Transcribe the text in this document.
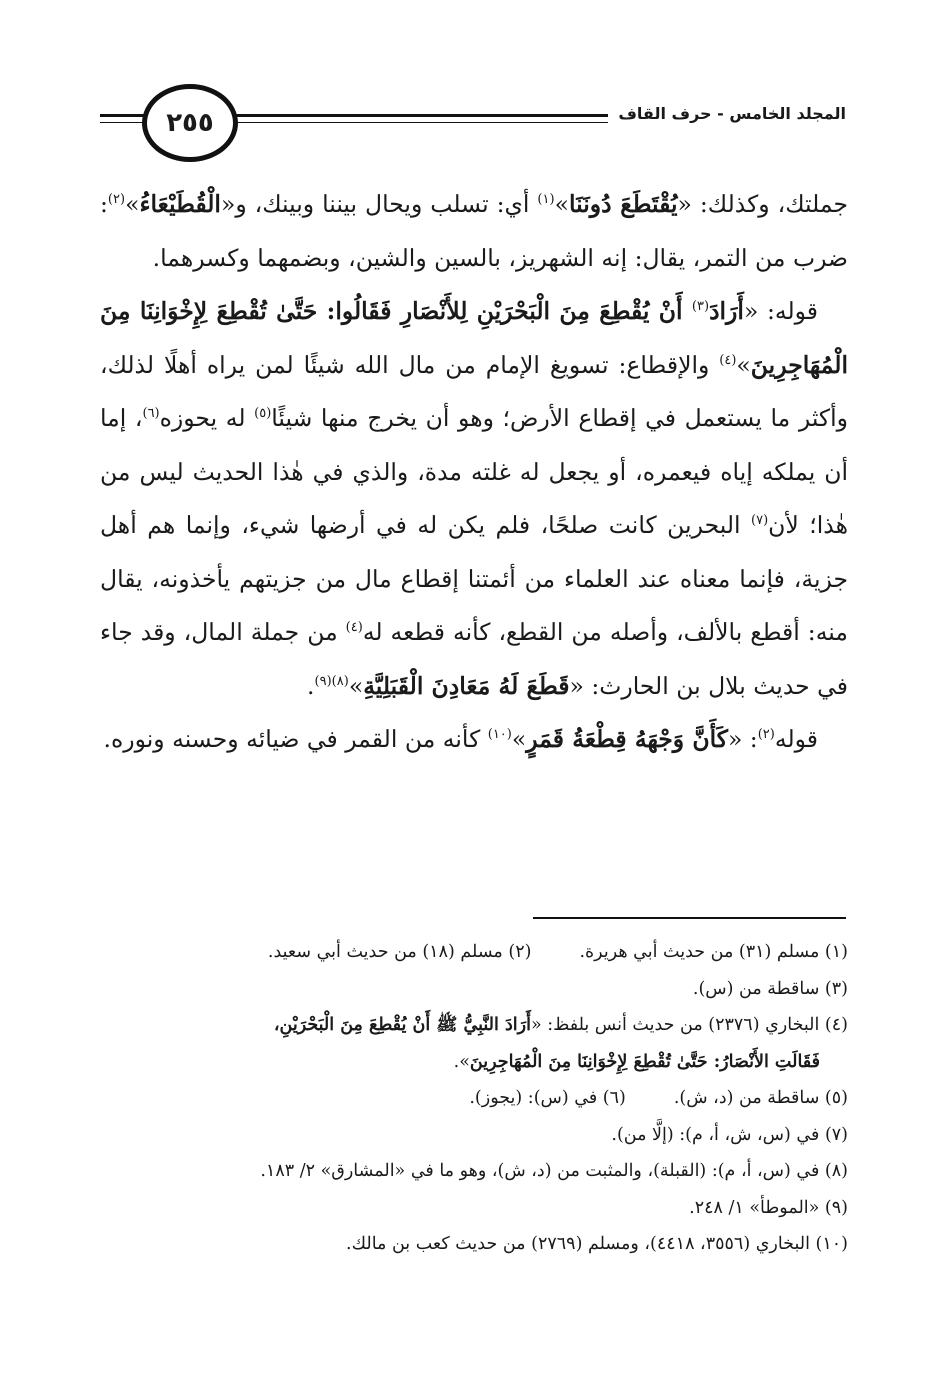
٢٥٥	المجلد الخامس - حرف القاف

جملتك، وكذلك: «يُقْتَطَعَ دُونَنَا»$^{(١)}$ أي: تسلب ويحال بيننا وبينك، و«الْقُطَيْعَاءُ»$^{(٢)}$: ضرب من التمر، يقال: إنه الشهريز، بالسين والشين، وبضمهما وكسرهما.

قوله: «أَرَادَ$^{(٣)}$ أَنْ يُقْطِعَ مِنَ الْبَحْرَيْنِ لِلأَنْصَارِ فَقَالُوا: حَتَّىٰ تُقْطِعَ لِإِخْوَانِنَا مِنَ الْمُهَاجِرِينَ»$^{(٤)}$ والإقطاع: تسويغ الإمام من مال الله شيئًا لمن يراه أهلًا لذلك، وأكثر ما يستعمل في إقطاع الأرض؛ وهو أن يخرج منها شيئًا$^{(٥)}$ له يحوزه$^{(٦)}$، إما أن يملكه إياه فيعمره، أو يجعل له غلته مدة، والذي في هٰذا الحديث ليس من هٰذا؛ لأن$^{(٧)}$ البحرين كانت صلحًا، فلم يكن له في أرضها شيء، وإنما هم أهل جزية، فإنما معناه عند العلماء من أئمتنا إقطاع مال من جزيتهم يأخذونه، يقال منه: أقطع بالألف، وأصله من القطع، كأنه قطعه له$^{(٤)}$ من جملة المال، وقد جاء في حديث بلال بن الحارث: «قَطَعَ لَهُ مَعَادِنَ الْقَبَلِيَّةِ»$^{(٨)(٩)}$.

قوله$^{(٢)}$: «كَأَنَّ وَجْهَهُ قِطْعَةُ قَمَرٍ»$^{(١٠)}$ كأنه من القمر في ضيائه وحسنه ونوره.

(١) مسلم (٣١) من حديث أبي هريرة.(٢) مسلم (١٨) من حديث أبي سعيد.

(٣) ساقطة من (س).

(٤) البخاري (٢٣٧٦) من حديث أنس بلفظ: «أَرَادَ النَّبِيُّ ﷺ أَنْ يُقْطِعَ مِنَ الْبَحْرَيْنِ،
فَقَالَتِ الأَنْصَارُ: حَتَّىٰ تُقْطِعَ لِإِخْوَانِنَا مِنَ الْمُهَاجِرِينَ».

(٥) ساقطة من (د، ش).(٦) في (س): (يجوز).

(٧) في (س، ش، أ، م): (إلَّا من).

(٨) في (س، أ، م): (القبلة)، والمثبت من (د، ش)، وهو ما في «المشارق» ٢/ ١٨٣.

(٩) «الموطأ» ١/ ٢٤٨.

(١٠) البخاري (٣٥٥٦، ٤٤١٨)، ومسلم (٢٧٦٩) من حديث كعب بن مالك.
